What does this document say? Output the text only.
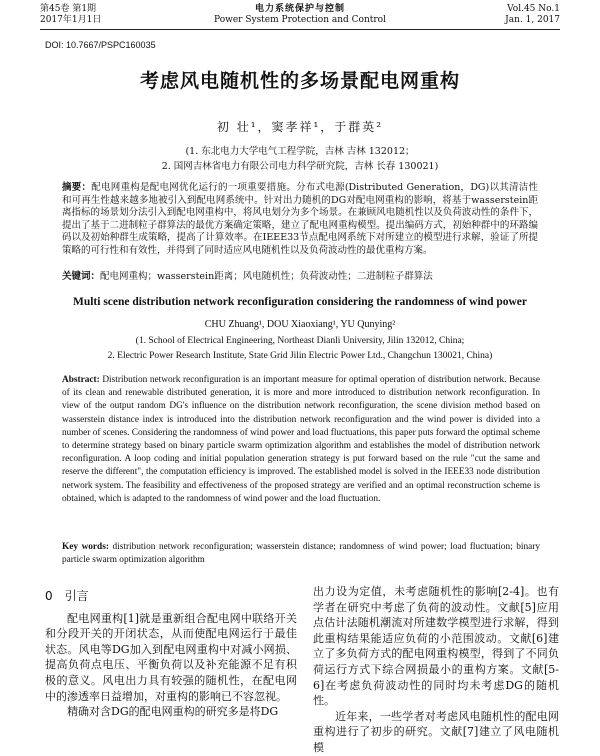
第45卷 第1期
2017年1月1日
电力系统保护与控制
Power System Protection and Control
Vol.45 No.1
Jan. 1, 2017
DOI: 10.7667/PSPC160035
考虑风电随机性的多场景配电网重构
初 壮¹，窦孝祥¹，于群英²
(1. 东北电力大学电气工程学院，吉林 吉林 132012；
2. 国网吉林省电力有限公司电力科学研究院，吉林 长春 130021)
摘要：配电网重构是配电网优化运行的一项重要措施。分布式电源(Distributed Generation，DG)以其清洁性和可再生性越来越多地被引入到配电网系统中。针对出力随机的DG对配电网重构的影响，将基于wasserstein距离指标的场景划分法引入到配电网重构中，将风电划分为多个场景。在兼顾风电随机性以及负荷波动性的条件下，提出了基于二进制粒子群算法的最优方案确定策略，建立了配电网重构模型。提出编码方式，初始种群中的环路编码以及初始种群生成策略，提高了计算效率。在IEEE33节点配电网系统下对所建立的模型进行求解，验证了所提策略的可行性和有效性，并得到了同时适应风电随机性以及负荷波动性的最优重构方案。
关键词：配电网重构；wasserstein距离；风电随机性；负荷波动性；二进制粒子群算法
Multi scene distribution network reconfiguration considering the randomness of wind power
CHU Zhuang¹, DOU Xiaoxiang¹, YU Qunying²
(1. School of Electrical Engineering, Northeast Dianli University, Jilin 132012, China;
2. Electric Power Research Institute, State Grid Jilin Electric Power Ltd., Changchun 130021, China)
Abstract: Distribution network reconfiguration is an important measure for optimal operation of distribution network. Because of its clean and renewable distributed generation, it is more and more introduced to distribution network reconfiguration. In view of the output random DG's influence on the distribution network reconfiguration, the scene division method based on wasserstein distance index is introduced into the distribution network reconfiguration and the wind power is divided into a number of scenes. Considering the randomness of wind power and load fluctuations, this paper puts forward the optimal scheme to determine strategy based on binary particle swarm optimization algorithm and establishes the model of distribution network reconfiguration. A loop coding and initial population generation strategy is put forward based on the rule "cut the same and reserve the different", the computation efficiency is improved. The established model is solved in the IEEE33 node distribution network system. The feasibility and effectiveness of the proposed strategy are verified and an optimal reconstruction scheme is obtained, which is adapted to the randomness of wind power and the load fluctuation.
Key words: distribution network reconfiguration; wasserstein distance; randomness of wind power; load fluctuation; binary particle swarm optimization algorithm
0　引言

配电网重构[1]就是重新组合配电网中联络开关和分段开关的开闭状态，从而使配电网运行于最佳状态。风电等DG加入到配电网重构中对减小网损、提高负荷点电压、平衡负荷以及补充能源不足有积极的意义。风电出力具有较强的随机性，在配电网中的渗透率日益增加，对重构的影响已不容忽视。

精确对含DG的配电网重构的研究多是将DG

出力设为定值，未考虑随机性的影响[2-4]。也有学者在研究中考虑了负荷的波动性。文献[5]应用点估计法随机潮流对所建数学模型进行求解，得到此重构结果能适应负荷的小范围波动。文献[6]建立了多负荷方式的配电网重构模型，得到了不同负荷运行方式下综合网损最小的重构方案。文献[5-6]在考虑负荷波动性的同时均未考虑DG的随机性。

近年来，一些学者对考虑风电随机性的配电网重构进行了初步的研究。文献[7]建立了风电随机模
